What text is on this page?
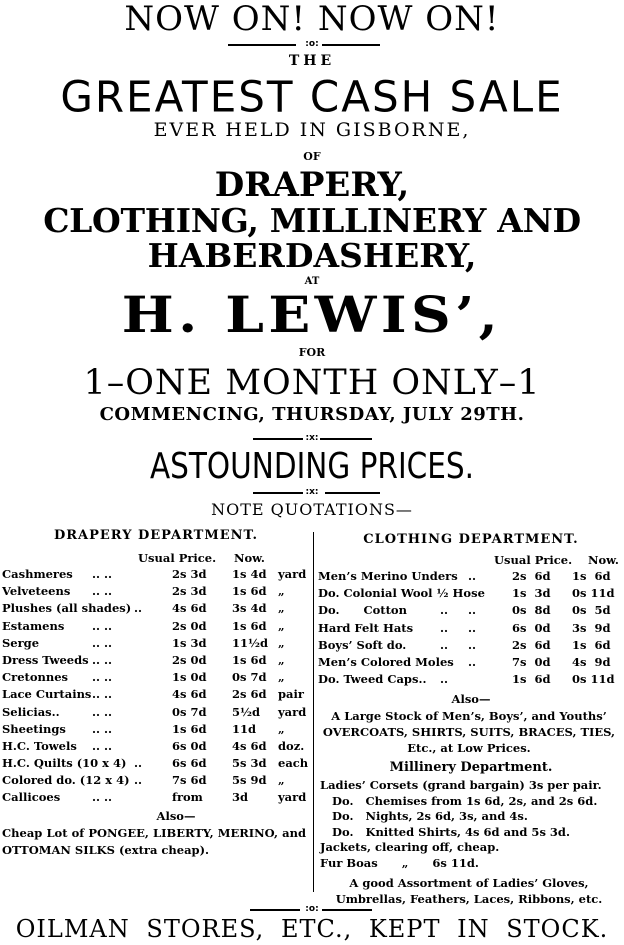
NOW ON! NOW ON!
:o:
THE
GREATEST CASH SALE
EVER HELD IN GISBORNE,
OF
DRAPERY,
CLOTHING, MILLINERY AND
HABERDASHERY,
AT
H. LEWIS’,
FOR
1–ONE MONTH ONLY–1
COMMENCING, THURSDAY, JULY 29TH.
:x:
ASTOUNDING PRICES.
:x:
NOTE QUOTATIONS—
DRAPERY DEPARTMENT.
Usual Price. Now.
Cashmeres .. ..	2s 3d 1s 4d yard
Velveteens .. ..	2s 3d 1s 6d „
Plushes (all shades) ..	4s 6d 3s 4d „
Estamens .. ..	2s 0d 1s 6d „
Serge	.. ..	1s 3d 11½d „
Dress Tweeds .. ..	2s 0d 1s 6d „
Cretonnes .. ..	1s 0d 0s 7d „
Lace Curtains .. ..	4s 6d 2s 6d pair
Selicias..	.. ..	0s 7d 5½d yard
Sheetings .. ..	1s 6d 11d „
H.C. Towels .. ..	6s 0d 4s 6d doz.
H.C. Quilts (10 x 4) ..	6s 6d 5s 3d each
Colored do. (12 x 4) ..	7s 6d 5s 9d „
Callicoes	.. ..	from	3d	yard
Also—
Cheap Lot of PONGEE, LIBERTY, MERINO, and OTTOMAN SILKS (extra cheap).
CLOTHING DEPARTMENT.
Usual Price. Now.
Men’s Merino Unders ..	2s  6d 1s  6d
Do. Colonial Wool ½ Hose 1s  3d 0s 11d
Do.      Cotton	..     ..	0s  8d 0s  5d
Hard Felt Hats ..     ..	6s  0d 3s  9d
Boys’ Soft do.	..     ..	2s  6d 1s  6d
Men’s Colored Moles ..	7s  0d 4s  9d
Do. Tweed Caps.. ..	1s  6d 0s 11d
Also—
A Large Stock of Men’s, Boys’, and Youths’ OVERCOATS, SHIRTS, SUITS, BRACES, TIES, Etc., at Low Prices.
Millinery Department.
Ladies’ Corsets (grand bargain) 3s per pair.
Do.   Chemises from 1s 6d, 2s, and 2s 6d.
Do.   Nights, 2s 6d, 3s, and 4s.
Do.   Knitted Shirts, 4s 6d and 5s 3d.
Jackets, clearing off, cheap.
Fur Boas      „      6s 11d.
A good Assortment of Ladies’ Gloves, Umbrellas, Feathers, Laces, Ribbons, etc.
:o:
OILMAN STORES, ETC., KEPT IN STOCK.
